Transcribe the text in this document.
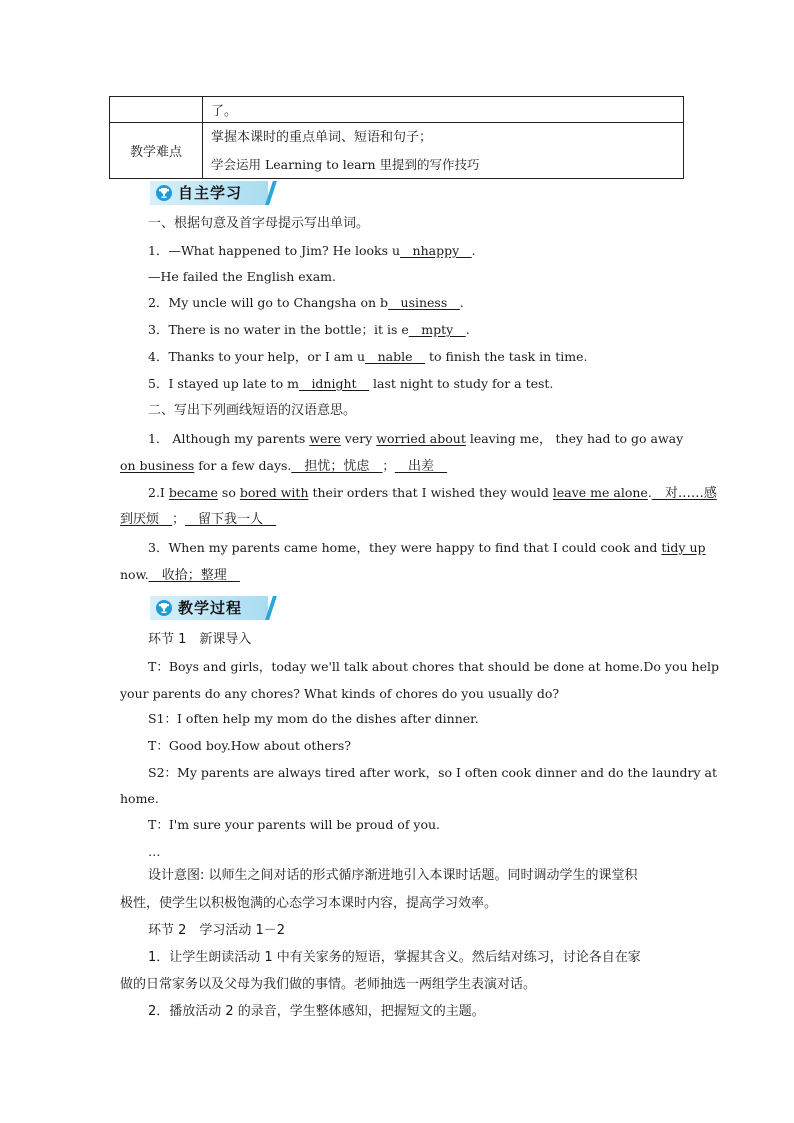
	了。
教学难点	掌握本课时的重点单词、短语和句子；
学会运用 Learning to learn 里提到的写作技巧
自主学习
一、根据句意及首字母提示写出单词。
1．—What happened to Jim? He looks u__nhappy__.
—He failed the English exam.
2．My uncle will go to Changsha on b__usiness__.
3．There is no water in the bottle；it is e__mpty__.
4．Thanks to your help，or I am u__nable__ to finish the task in time.
5．I stayed up late to m__idnight__ last night to study for a test.
二、写出下列画线短语的汉语意思。
1． Although my parents were very worried about leaving me， they had to go away
on business for a few days.__担忧；忧虑__；__出差__
2.I became so bored with their orders that I wished they would leave me alone.__对……感
到厌烦__；__留下我一人__
3．When my parents came home，they were happy to find that I could cook and tidy up
now.__收拾；整理__
教学过程
环节 1　新课导入
T：Boys and girls，today we'll talk about chores that should be done at home.Do you help
your parents do any chores? What kinds of chores do you usually do?
S1：I often help my mom do the dishes after dinner.
T：Good boy.How about others?
S2：My parents are always tired after work，so I often cook dinner and do the laundry at
home.
T：I'm sure your parents will be proud of you.
…
设计意图: 以师生之间对话的形式循序渐进地引入本课时话题。同时调动学生的课堂积
极性，使学生以积极饱满的心态学习本课时内容，提高学习效率。
环节 2　学习活动 1－2
1．让学生朗读活动 1 中有关家务的短语，掌握其含义。然后结对练习，讨论各自在家
做的日常家务以及父母为我们做的事情。老师抽选一两组学生表演对话。
2．播放活动 2 的录音，学生整体感知，把握短文的主题。
